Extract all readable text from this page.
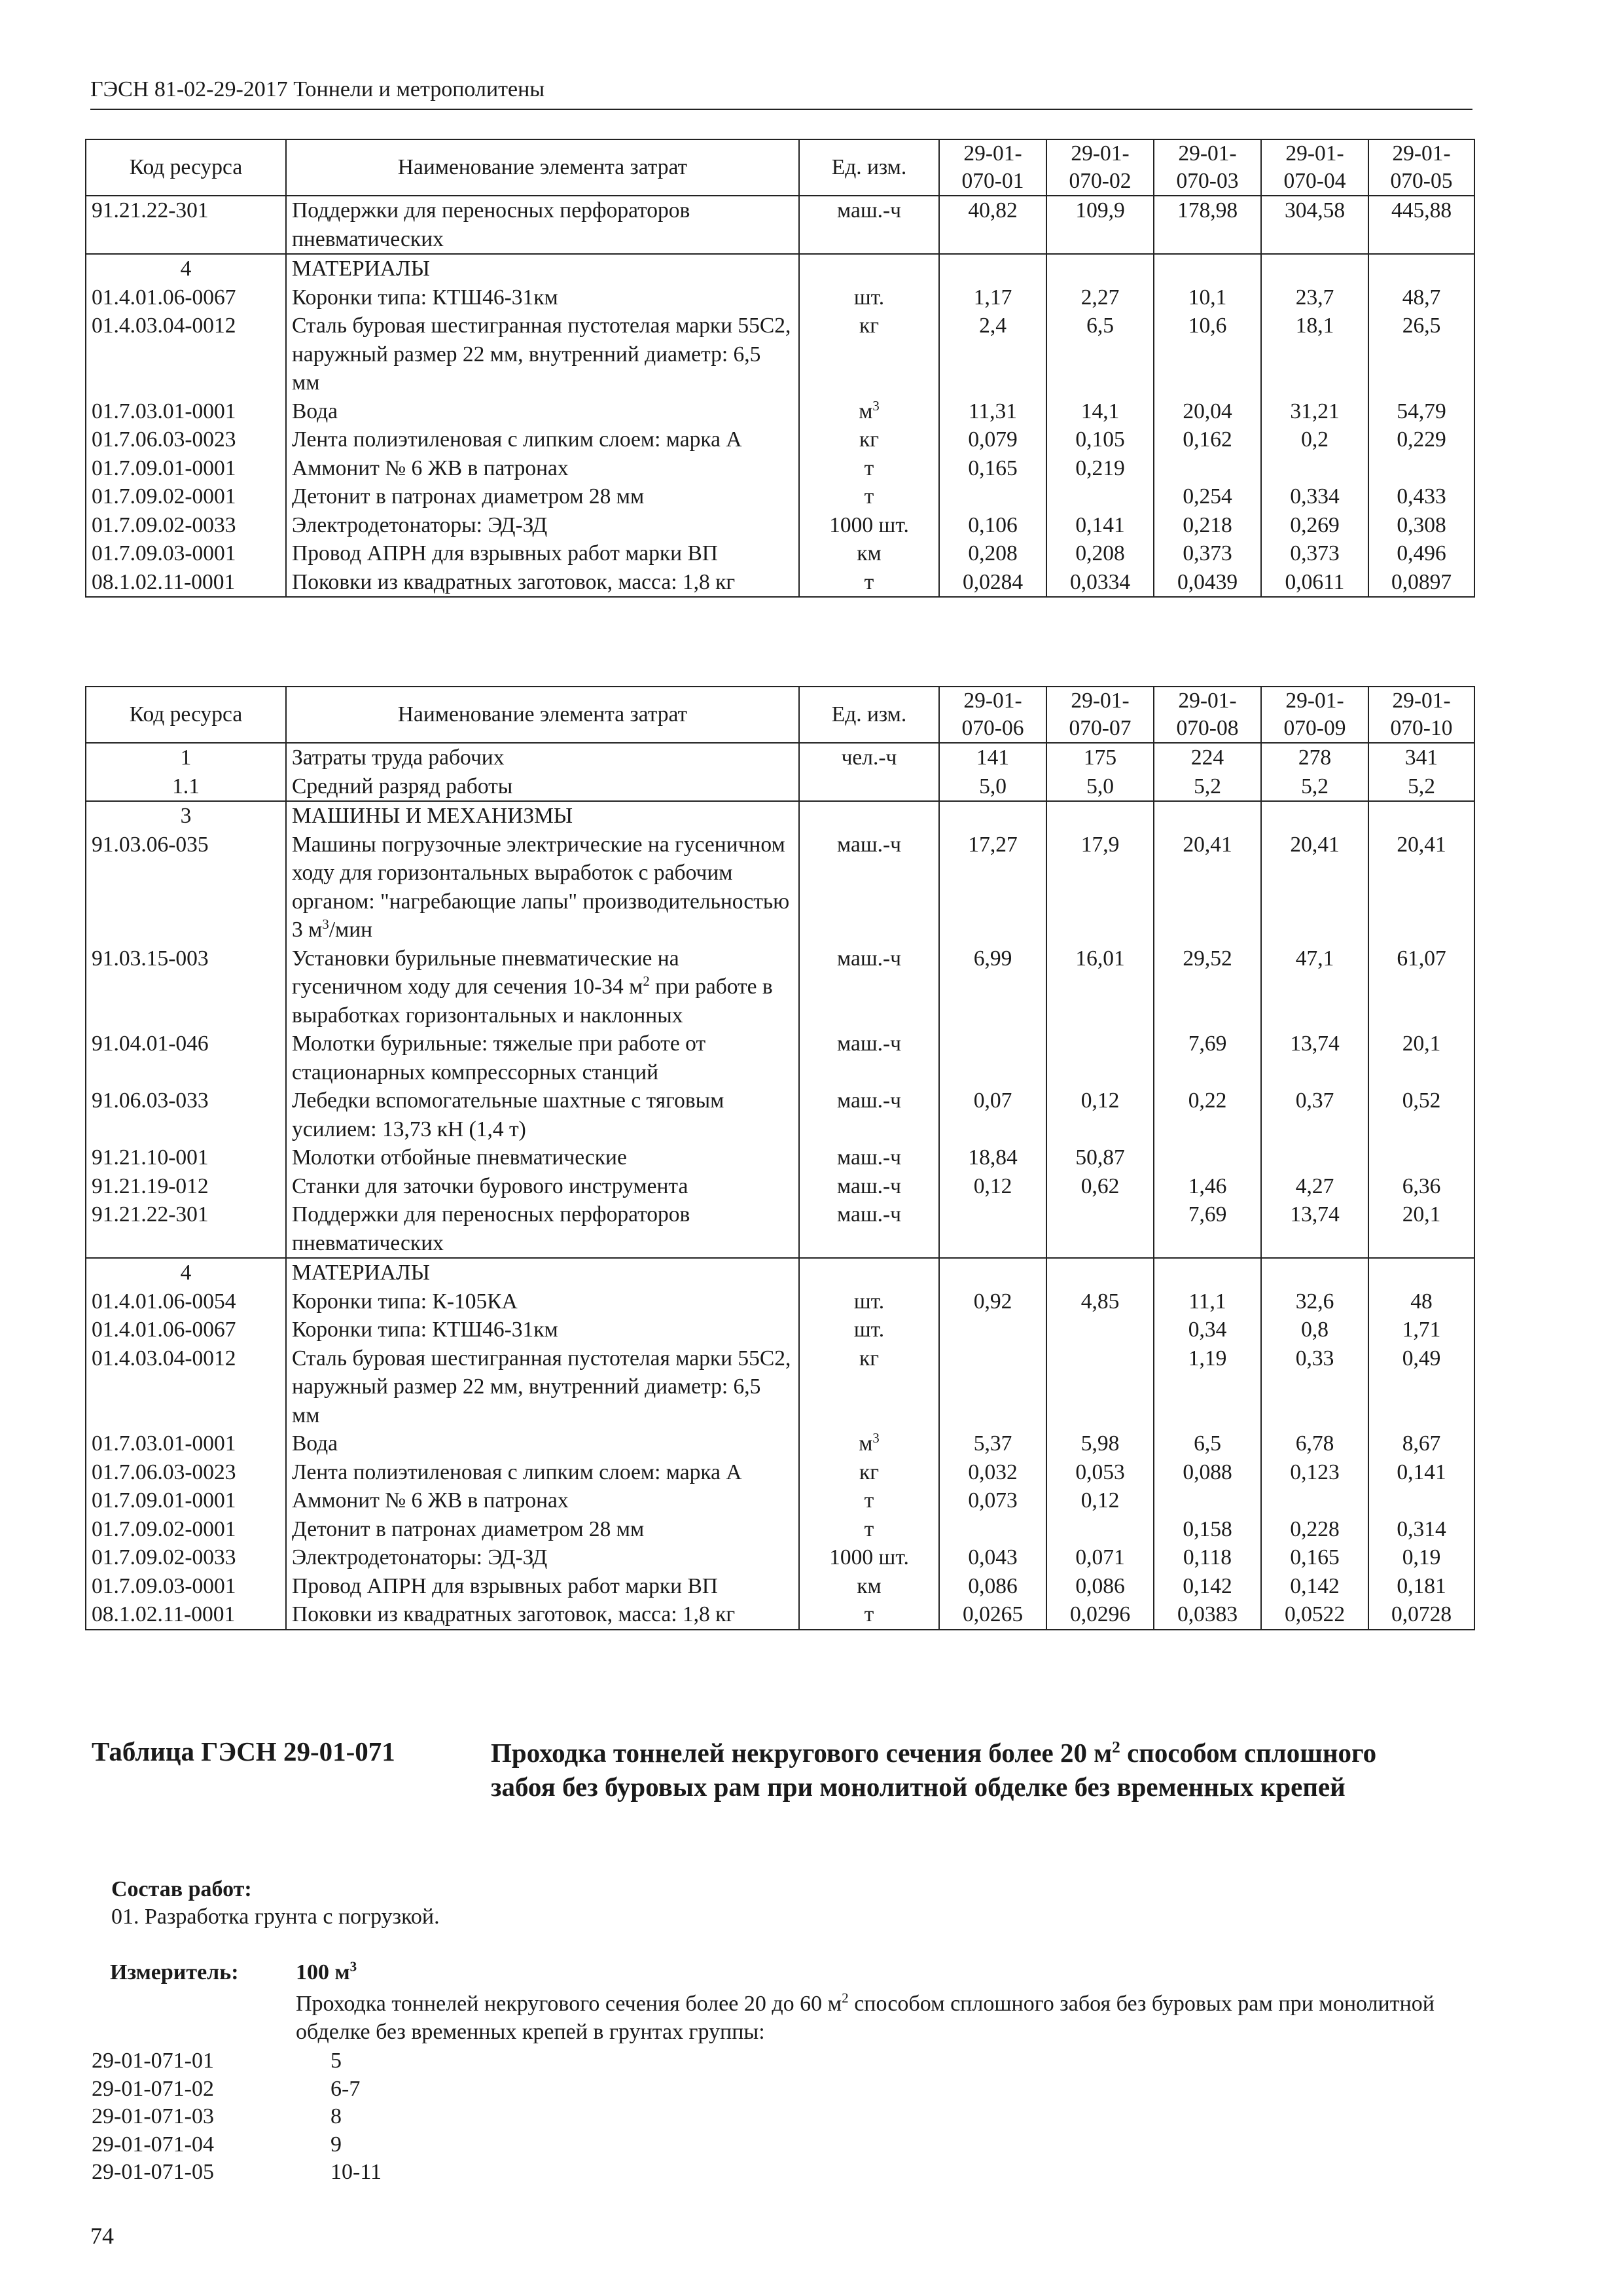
ГЭСН 81-02-29-2017 Тоннели и метрополитены
Код ресурса	Наименование элемента затрат	Ед. изм.	29-01-070-01	29-01-070-02	29-01-070-03	29-01-070-04	29-01-070-05
91.21.22-301	Поддержки для переносных перфораторов пневматических	маш.-ч	40,82	109,9	178,98	304,58	445,88
4	МАТЕРИАЛЫ						
01.4.01.06-0067	Коронки типа: КТШ46-31км	шт.	1,17	2,27	10,1	23,7	48,7
01.4.03.04-0012	Сталь буровая шестигранная пустотелая марки 55С2, наружный размер 22 мм, внутренний диаметр: 6,5 мм	кг	2,4	6,5	10,6	18,1	26,5
01.7.03.01-0001	Вода	$м^3$	11,31	14,1	20,04	31,21	54,79
01.7.06.03-0023	Лента полиэтиленовая с липким слоем: марка А	кг	0,079	0,105	0,162	0,2	0,229
01.7.09.01-0001	Аммонит № 6 ЖВ в патронах	т	0,165	0,219			
01.7.09.02-0001	Детонит в патронах диаметром 28 мм	т			0,254	0,334	0,433
01.7.09.02-0033	Электродетонаторы: ЭД-ЗД	1000 шт.	0,106	0,141	0,218	0,269	0,308
01.7.09.03-0001	Провод АПРН для взрывных работ марки ВП	км	0,208	0,208	0,373	0,373	0,496
08.1.02.11-0001	Поковки из квадратных заготовок, масса: 1,8 кг	т	0,0284	0,0334	0,0439	0,0611	0,0897
Код ресурса	Наименование элемента затрат	Ед. изм.	29-01-070-06	29-01-070-07	29-01-070-08	29-01-070-09	29-01-070-10
1	Затраты труда рабочих	чел.-ч	141	175	224	278	341
1.1	Средний разряд работы		5,0	5,0	5,2	5,2	5,2
3	МАШИНЫ И МЕХАНИЗМЫ						
91.03.06-035	Машины погрузочные электрические на гусеничном ходу для горизонтальных выработок с рабочим органом: "нагребающие лапы" производительностью 3 $м^3$/мин	маш.-ч	17,27	17,9	20,41	20,41	20,41
91.03.15-003	Установки бурильные пневматические на гусеничном ходу для сечения 10-34 $м^2$ при работе в выработках горизонтальных и наклонных	маш.-ч	6,99	16,01	29,52	47,1	61,07
91.04.01-046	Молотки бурильные: тяжелые при работе от стационарных компрессорных станций	маш.-ч			7,69	13,74	20,1
91.06.03-033	Лебедки вспомогательные шахтные с тяговым усилием: 13,73 кН (1,4 т)	маш.-ч	0,07	0,12	0,22	0,37	0,52
91.21.10-001	Молотки отбойные пневматические	маш.-ч	18,84	50,87			
91.21.19-012	Станки для заточки бурового инструмента	маш.-ч	0,12	0,62	1,46	4,27	6,36
91.21.22-301	Поддержки для переносных перфораторов пневматических	маш.-ч			7,69	13,74	20,1
4	МАТЕРИАЛЫ						
01.4.01.06-0054	Коронки типа: К-105КА	шт.	0,92	4,85	11,1	32,6	48
01.4.01.06-0067	Коронки типа: КТШ46-31км	шт.			0,34	0,8	1,71
01.4.03.04-0012	Сталь буровая шестигранная пустотелая марки 55С2, наружный размер 22 мм, внутренний диаметр: 6,5 мм	кг			1,19	0,33	0,49
01.7.03.01-0001	Вода	$м^3$	5,37	5,98	6,5	6,78	8,67
01.7.06.03-0023	Лента полиэтиленовая с липким слоем: марка А	кг	0,032	0,053	0,088	0,123	0,141
01.7.09.01-0001	Аммонит № 6 ЖВ в патронах	т	0,073	0,12			
01.7.09.02-0001	Детонит в патронах диаметром 28 мм	т			0,158	0,228	0,314
01.7.09.02-0033	Электродетонаторы: ЭД-ЗД	1000 шт.	0,043	0,071	0,118	0,165	0,19
01.7.09.03-0001	Провод АПРН для взрывных работ марки ВП	км	0,086	0,086	0,142	0,142	0,181
08.1.02.11-0001	Поковки из квадратных заготовок, масса: 1,8 кг	т	0,0265	0,0296	0,0383	0,0522	0,0728
Таблица ГЭСН 29-01-071	Проходка тоннелей некругового сечения более 20 $м^2$ способом сплошного забоя без буровых рам при монолитной обделке без временных крепей
Состав работ:
01. Разработка грунта с погрузкой.
Измеритель:	100 $м^3$
Проходка тоннелей некругового сечения более 20 до 60 $м^2$ способом сплошного забоя без буровых рам при монолитной обделке без временных крепей в грунтах группы:
29-01-071-01	5
29-01-071-02	6-7
29-01-071-03	8
29-01-071-04	9
29-01-071-05	10-11
74
